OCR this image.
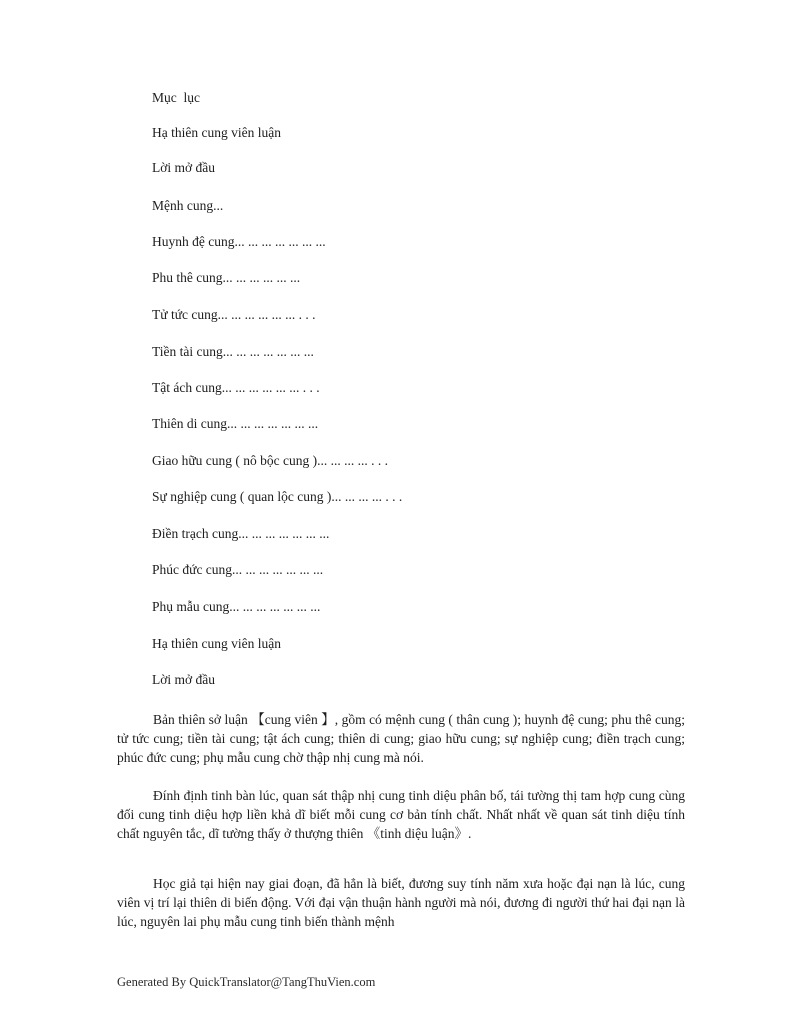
Mục  lục
Hạ thiên cung viên luận
Lời mở đầu
Mệnh cung...
Huynh đệ cung... ... ... ... ... ... ...
Phu thê cung... ... ... ... ... ...
Tử tức cung... ... ... ... ... ... . . .
Tiền tài cung... ... ... ... ... ... ...
Tật ách cung... ... ... ... ... ... . . .
Thiên di cung... ... ... ... ... ... ...
Giao hữu cung ( nô bộc cung )... ... ... ... . . .
Sự nghiệp cung ( quan lộc cung )... ... ... ... . . .
Điền trạch cung... ... ... ... ... ... ...
Phúc đức cung... ... ... ... ... ... ...
Phụ mẫu cung... ... ... ... ... ... ...
Hạ thiên cung viên luận
Lời mở đầu

Bản thiên sở luận 【cung viên 】, gồm có mệnh cung ( thân cung ); huynh đệ cung; phu thê cung; tử tức cung; tiền tài cung; tật ách cung; thiên di cung; giao hữu cung; sự nghiệp cung; điền trạch cung; phúc đức cung; phụ mẫu cung chờ thập nhị cung mà nói.

Đính định tinh bàn lúc, quan sát thập nhị cung tinh diệu phân bố, tái tường thị tam hợp cung cùng đối cung tinh diệu hợp liền khả dĩ biết mỗi cung cơ bản tính chất. Nhất nhất về quan sát tinh diệu tính chất nguyên tắc, dĩ tường thấy ở thượng thiên 《tinh diệu luận》.

Học giả tại hiện nay giai đoạn, đã hẳn là biết, đương suy tính năm xưa hoặc đại nạn là lúc, cung viên vị trí lại thiên di biến động. Với đại vận thuận hành người mà nói, đương đi người thứ hai đại nạn là lúc, nguyên lai phụ mẫu cung tinh biến thành mệnh

Generated By QuickTranslator@TangThuVien.com
